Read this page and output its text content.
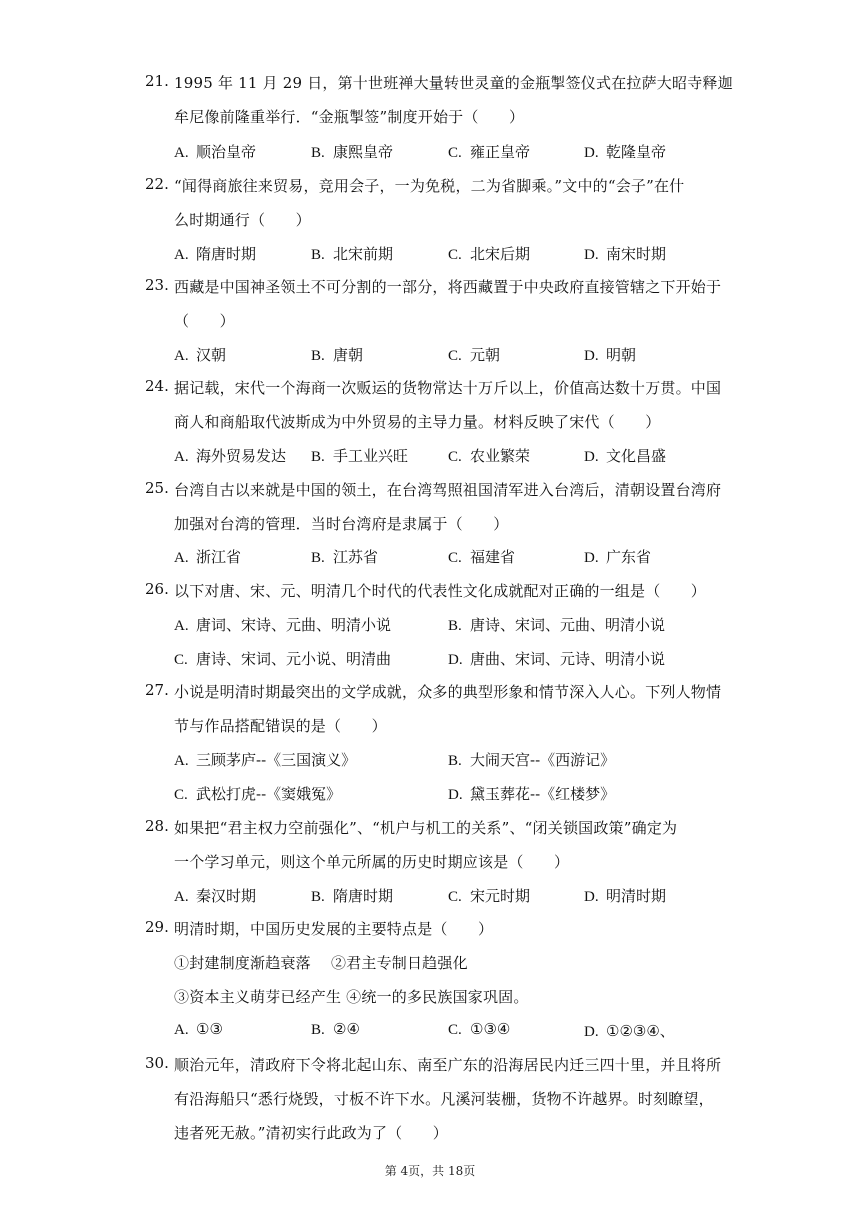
21. 1995 年 11 月 29 日，第十世班禅大量转世灵童的金瓶掣签仪式在拉萨大昭寺释迦
牟尼像前隆重举行．“金瓶掣签”制度开始于（　　）
A. 顺治皇帝	B. 康熙皇帝	C. 雍正皇帝	D. 乾隆皇帝
22. “闻得商旅往来贸易，竞用会子，一为免税，二为省脚乘。”文中的“会子”在什
么时期通行（　　）
A. 隋唐时期	B. 北宋前期	C. 北宋后期	D. 南宋时期
23. 西藏是中国神圣领土不可分割的一部分，将西藏置于中央政府直接管辖之下开始于
（　　）
A. 汉朝	B. 唐朝	C. 元朝	D. 明朝
24. 据记载，宋代一个海商一次贩运的货物常达十万斤以上，价值高达数十万贯。中国
商人和商船取代波斯成为中外贸易的主导力量。材料反映了宋代（　　）
A. 海外贸易发达 B. 手工业兴旺	C. 农业繁荣	D. 文化昌盛
25. 台湾自古以来就是中国的领土，在台湾驾照祖国清军进入台湾后，清朝设置台湾府
加强对台湾的管理．当时台湾府是隶属于（　　）
A. 浙江省	B. 江苏省	C. 福建省	D. 广东省
26. 以下对唐、宋、元、明清几个时代的代表性文化成就配对正确的一组是（　　）
A. 唐词、宋诗、元曲、明清小说	B. 唐诗、宋词、元曲、明清小说
C. 唐诗、宋词、元小说、明清曲	D. 唐曲、宋词、元诗、明清小说
27. 小说是明清时期最突出的文学成就，众多的典型形象和情节深入人心。下列人物情
节与作品搭配错误的是（　　）
A. 三顾茅庐--《三国演义》	B. 大闹天宫--《西游记》
C. 武松打虎--《窦娥冤》	D. 黛玉葬花--《红楼梦》
28. 如果把“君主权力空前强化”、“机户与机工的关系”、“闭关锁国政策”确定为
一个学习单元，则这个单元所属的历史时期应该是（　　）
A. 秦汉时期	B. 隋唐时期	C. 宋元时期	D. 明清时期
29. 明清时期，中国历史发展的主要特点是（　　）
①封建制度渐趋衰落　 ②君主专制日趋强化
③资本主义萌芽已经产生 ④统一的多民族国家巩固。
A. ①③	B. ②④	C. ①③④	D. ①②③④、
30. 顺治元年，清政府下令将北起山东、南至广东的沿海居民内迁三四十里，并且将所
有沿海船只“悉行烧毁，寸板不许下水。凡溪河装栅，货物不许越界。时刻瞭望，
违者死无赦。”清初实行此政为了（　　）
第 4页，共 18页
